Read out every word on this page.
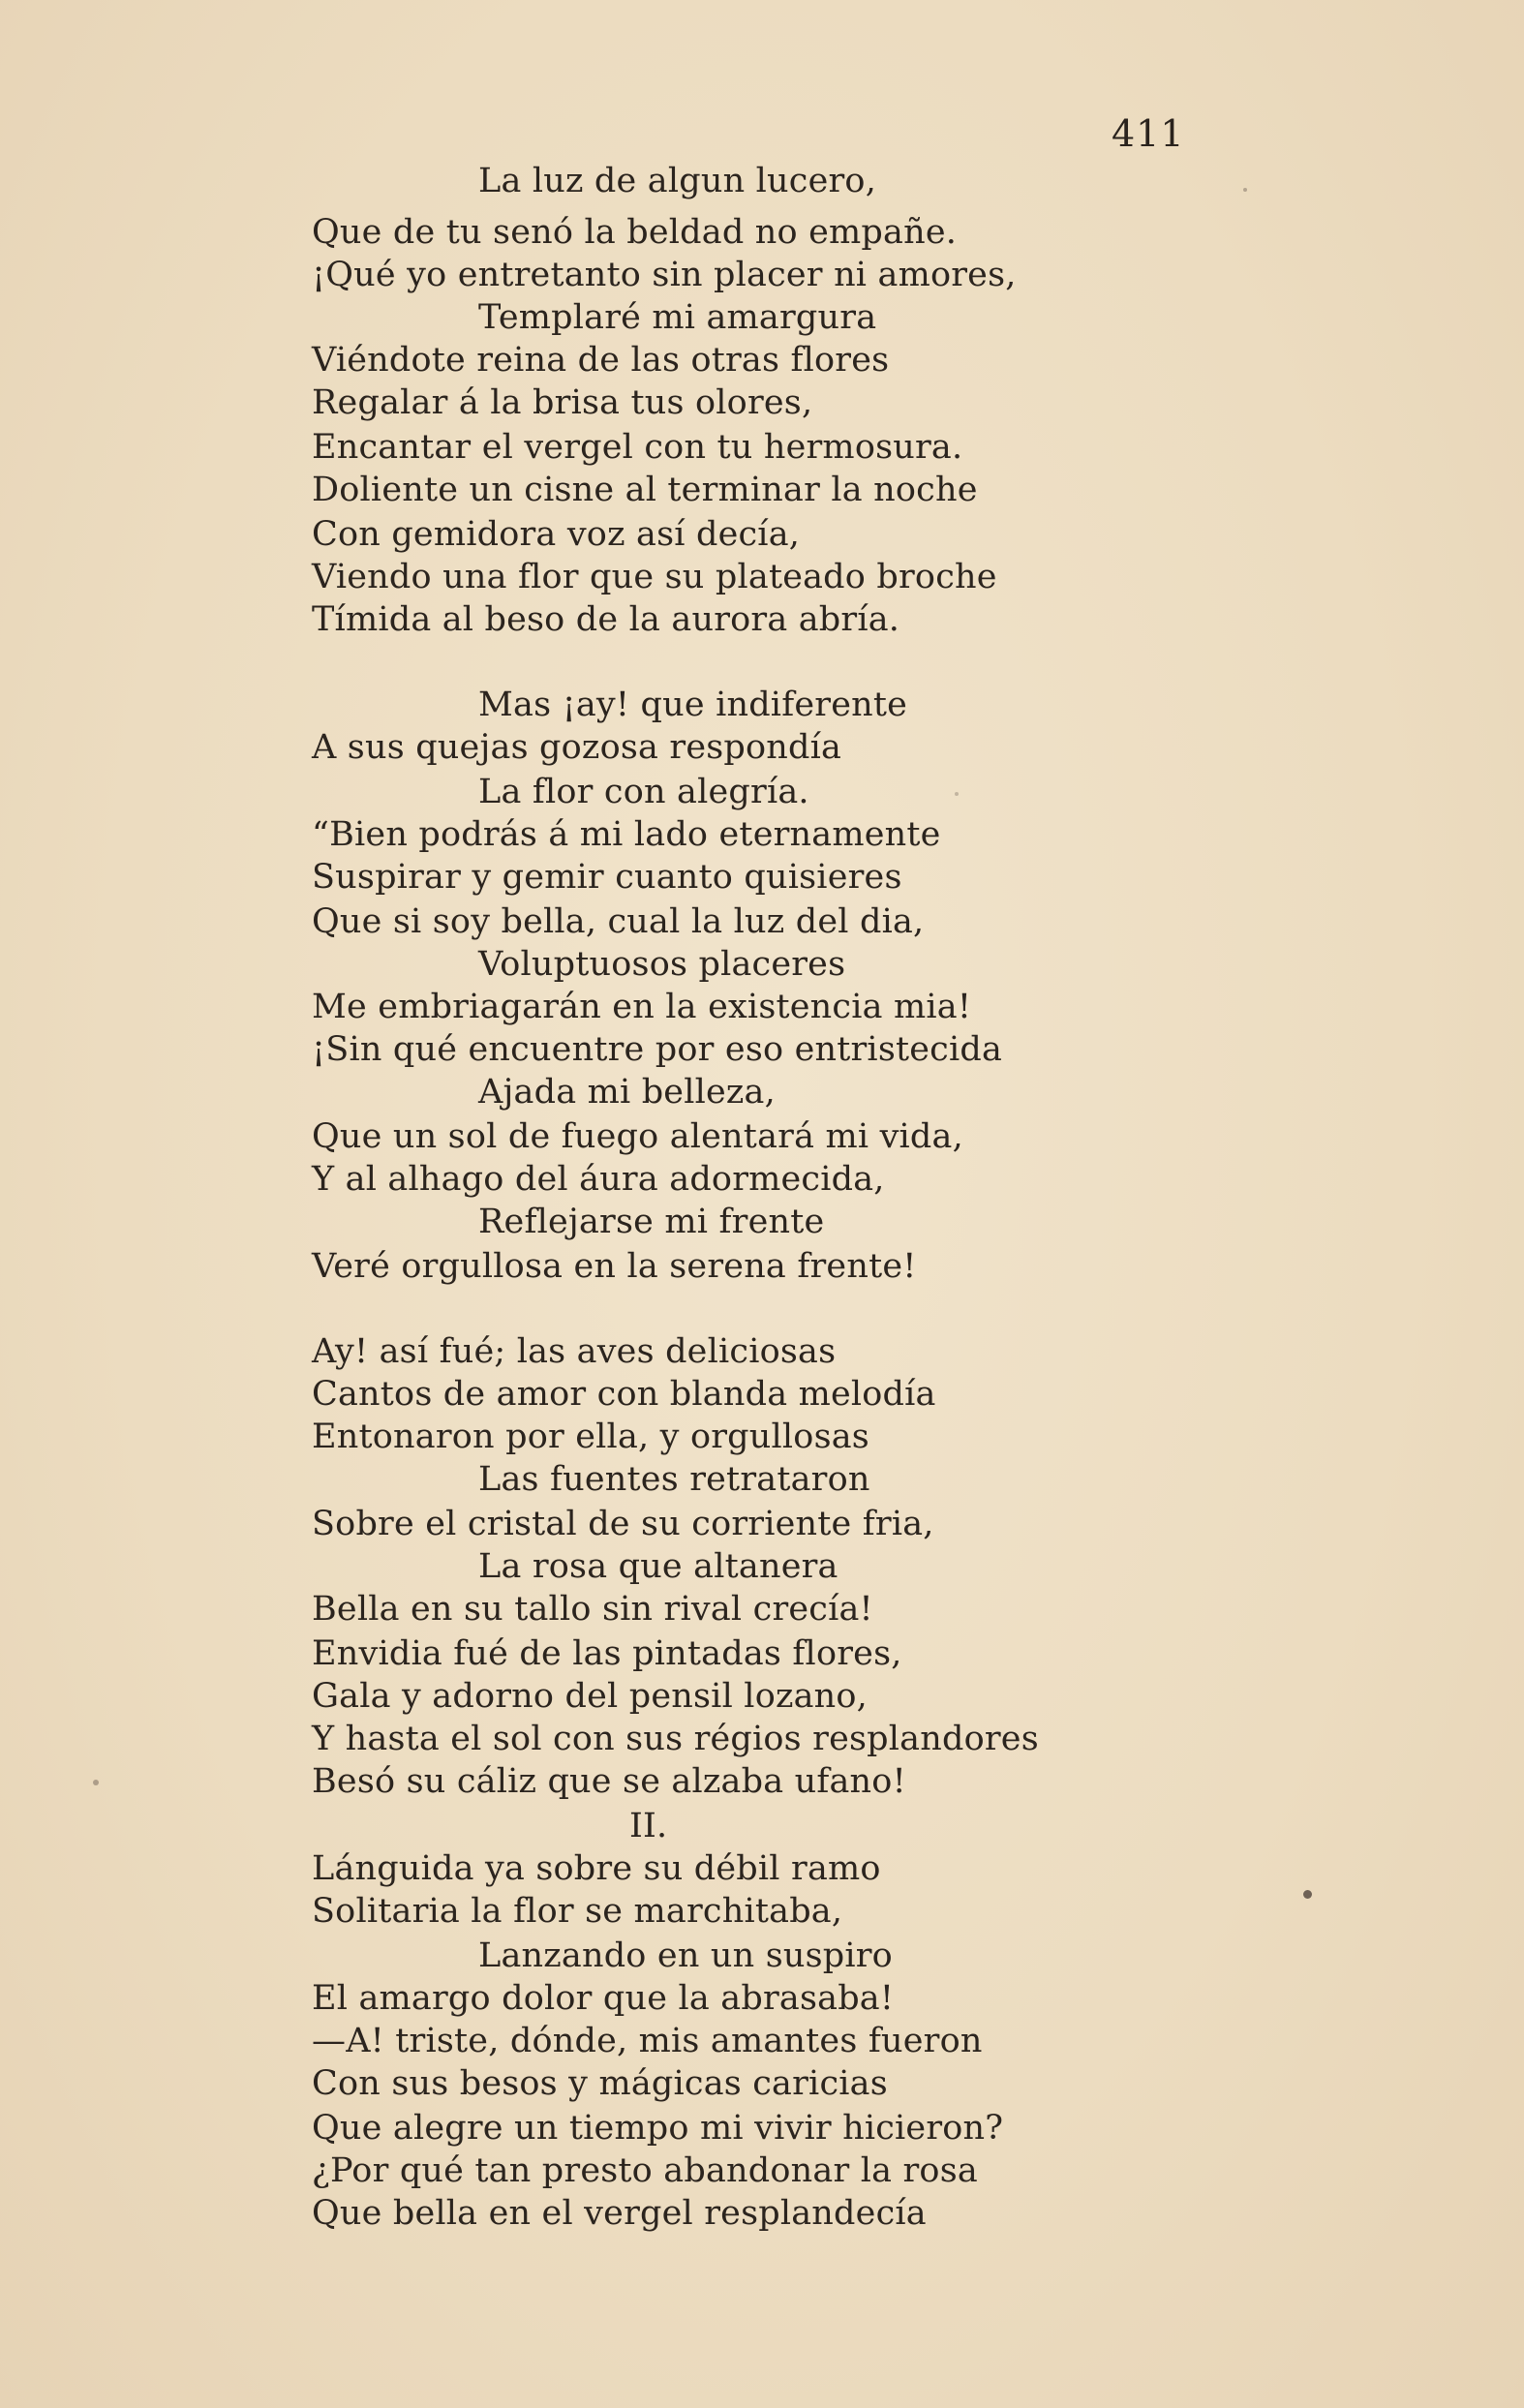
411
La luz de algun lucero,
Que de tu senó la beldad no empañe.
¡Qué yo entretanto sin placer ni amores,
Templaré mi amargura
Viéndote reina de las otras flores
Regalar á la brisa tus olores,
Encantar el vergel con tu hermosura.
Doliente un cisne al terminar la noche
Con gemidora voz así decía,
Viendo una flor que su plateado broche
Tímida al beso de la aurora abría.
Mas ¡ay! que indiferente
A sus quejas gozosa respondía
La flor con alegría.
“Bien podrás á mi lado eternamente
Suspirar y gemir cuanto quisieres
Que si soy bella, cual la luz del dia,
Voluptuosos placeres
Me embriagarán en la existencia mia!
¡Sin qué encuentre por eso entristecida
Ajada mi belleza,
Que un sol de fuego alentará mi vida,
Y al alhago del áura adormecida,
Reflejarse mi frente
Veré orgullosa en la serena frente!
Ay! así fué; las aves deliciosas
Cantos de amor con blanda melodía
Entonaron por ella, y orgullosas
Las fuentes retrataron
Sobre el cristal de su corriente fria,
La rosa que altanera
Bella en su tallo sin rival crecía!
Envidia fué de las pintadas flores,
Gala y adorno del pensil lozano,
Y hasta el sol con sus régios resplandores
Besó su cáliz que se alzaba ufano!
II.
Lánguida ya sobre su débil ramo
Solitaria la flor se marchitaba,
Lanzando en un suspiro
El amargo dolor que la abrasaba!
—A! triste, dónde, mis amantes fueron
Con sus besos y mágicas caricias
Que alegre un tiempo mi vivir hicieron?
¿Por qué tan presto abandonar la rosa
Que bella en el vergel resplandecía
